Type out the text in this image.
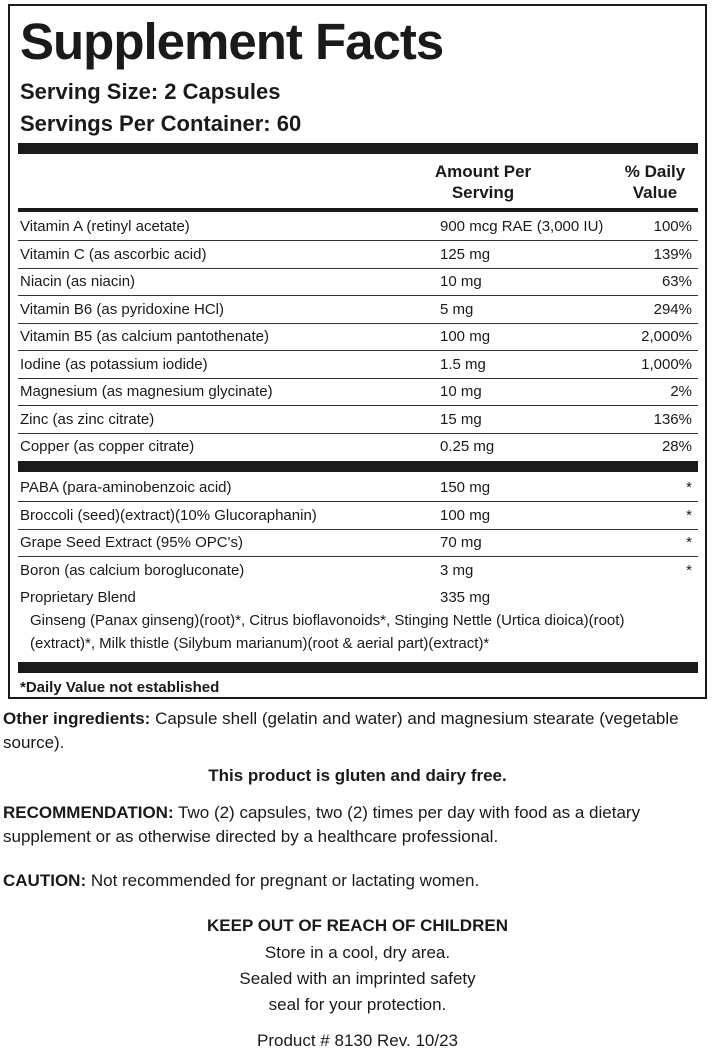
Supplement Facts
Serving Size: 2 Capsules
Servings Per Container: 60
Amount Per
Serving
% Daily
Value
Vitamin A (retinyl acetate)	900 mcg RAE (3,000 IU)	100%
Vitamin C (as ascorbic acid)	125 mg	139%
Niacin (as niacin)	10 mg	63%
Vitamin B6 (as pyridoxine HCl)	5 mg	294%
Vitamin B5 (as calcium pantothenate)	100 mg	2,000%
Iodine (as potassium iodide)	1.5 mg	1,000%
Magnesium (as magnesium glycinate)	10 mg	2%
Zinc (as zinc citrate)	15 mg	136%
Copper (as copper citrate)	0.25 mg	28%
PABA (para-aminobenzoic acid)	150 mg	*
Broccoli (seed)(extract)(10% Glucoraphanin)	100 mg	*
Grape Seed Extract (95% OPC's)	70 mg	*
Boron (as calcium borogluconate)	3 mg	*
Proprietary Blend	335 mg
Ginseng (Panax ginseng)(root)*, Citrus bioflavonoids*, Stinging Nettle (Urtica dioica)(root)
(extract)*, Milk thistle (Silybum marianum)(root & aerial part)(extract)*
*Daily Value not established
Other ingredients: Capsule shell (gelatin and water) and magnesium stearate (vegetable source).
This product is gluten and dairy free.
RECOMMENDATION: Two (2) capsules, two (2) times per day with food as a dietary supplement or as otherwise directed by a healthcare professional.
CAUTION: Not recommended for pregnant or lactating women.
KEEP OUT OF REACH OF CHILDREN
Store in a cool, dry area.
Sealed with an imprinted safety
seal for your protection.
Product # 8130 Rev. 10/23
